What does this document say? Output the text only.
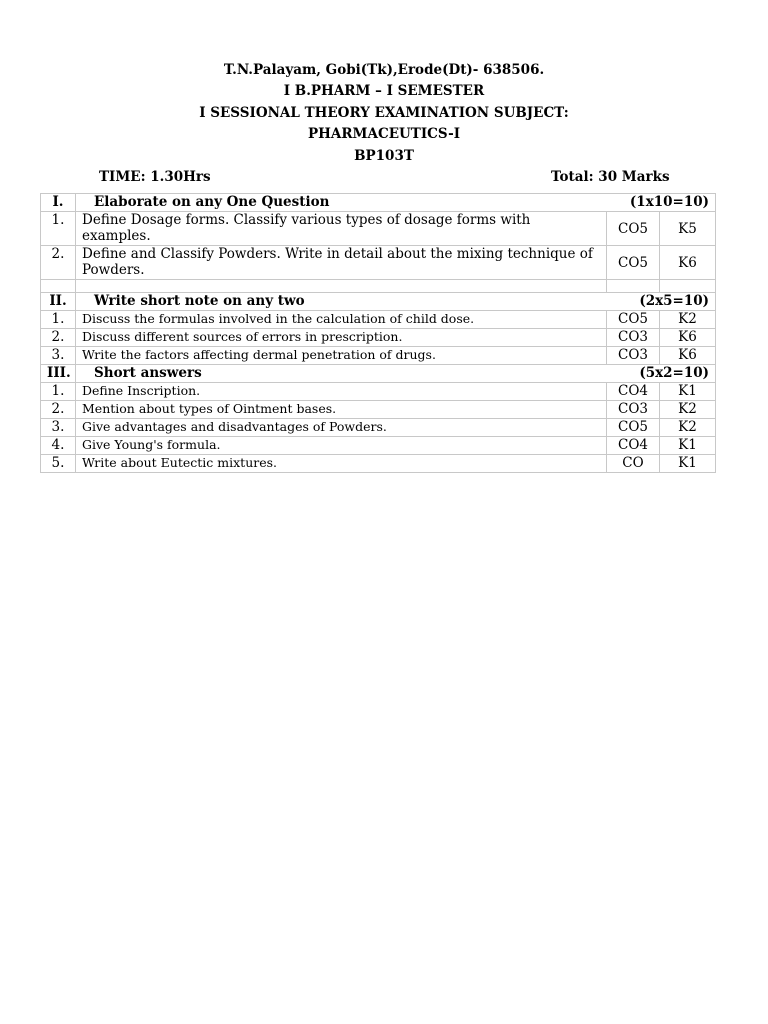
T.N.Palayam, Gobi(Tk),Erode(Dt)- 638506.
I B.PHARM – I SEMESTER
I SESSIONAL THEORY EXAMINATION SUBJECT:
PHARMACEUTICS-I
BP103T
TIME: 1.30Hrs	Total: 30 Marks
I.	Elaborate on any One Question (1x10=10)		

1.	Define Dosage forms. Classify various types of dosage forms with examples.	CO5	K5
2.	Define and Classify Powders. Write in detail about the mixing technique of Powders.	CO5	K6

II.	Write short note on any two (2x5=10)		

1.	Discuss the formulas involved in the calculation of child dose.	CO5	K2
2.	Discuss different sources of errors in prescription.	CO3	K6
3.	Write the factors affecting dermal penetration of drugs.	CO3	K6
III.	Short answers (5x2=10)		

1.	Define Inscription.	CO4	K1
2.	Mention about types of Ointment bases.	CO3	K2
3.	Give advantages and disadvantages of Powders.	CO5	K2
4.	Give Young's formula.	CO4	K1
5.	Write about Eutectic mixtures.	CO	K1
